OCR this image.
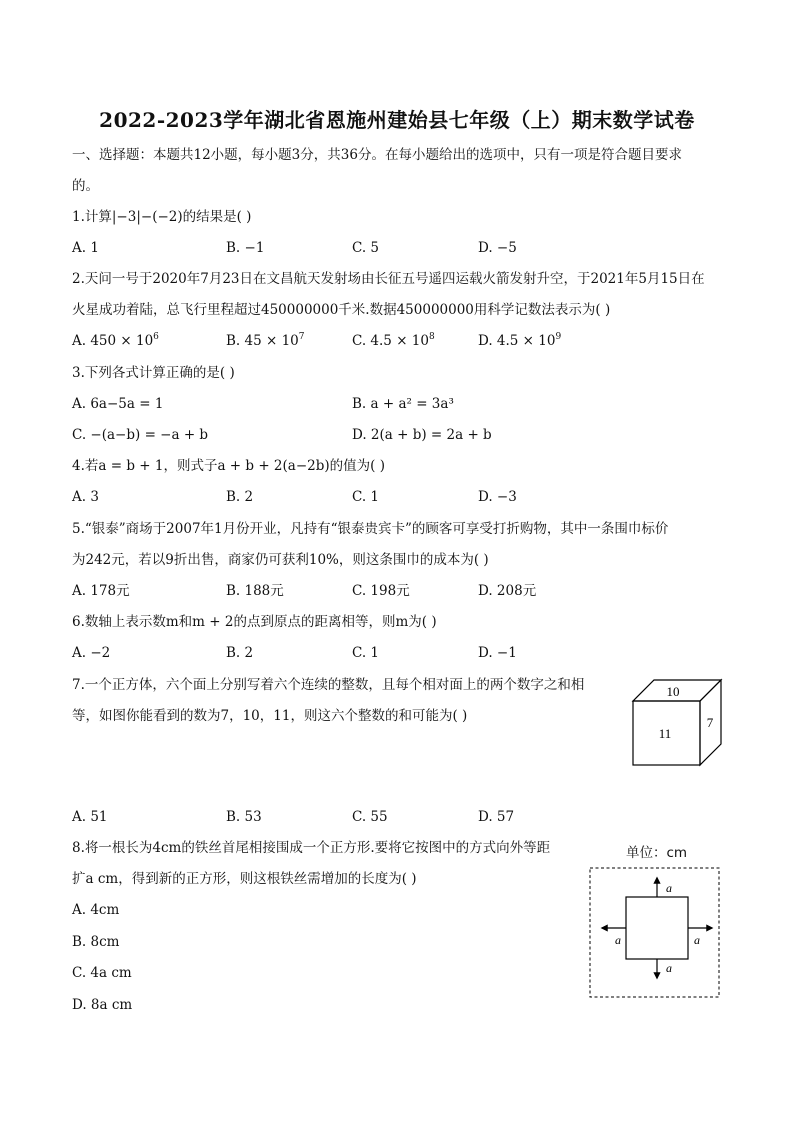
2022-2023学年湖北省恩施州建始县七年级（上）期末数学试卷
一、选择题：本题共12小题，每小题3分，共36分。在每小题给出的选项中，只有一项是符合题目要求
的。
1.计算|−3|−(−2)的结果是( )
A. 1	B. −1	C. 5	D. −5
2.天问一号于2020年7月23日在文昌航天发射场由长征五号遥四运载火箭发射升空，于2021年5月15日在
火星成功着陆，总飞行里程超过450000000千米.数据450000000用科学记数法表示为( )
A. $450 \times 10^6$	B. $45 \times 10^7$	C. $4.5 \times 10^8$	D. $4.5 \times 10^9$
3.下列各式计算正确的是( )
A. 6a−5a = 1	B. a + a² = 3a³
C. −(a−b) = −a + b	D. 2(a + b) = 2a + b
4.若a = b + 1，则式子a + b + 2(a−2b)的值为( )
A. 3	B. 2	C. 1	D. −3
5.“银泰”商场于2007年1月份开业，凡持有“银泰贵宾卡”的顾客可享受打折购物，其中一条围巾标价
为242元，若以9折出售，商家仍可获利10%，则这条围巾的成本为( )
A. 178元	B. 188元	C. 198元	D. 208元
6.数轴上表示数m和m + 2的点到原点的距离相等，则m为( )
A. −2	B. 2	C. 1	D. −1
7.一个正方体，六个面上分别写着六个连续的整数，且每个相对面上的两个数字之和相
等，如图你能看到的数为7，10，11，则这六个整数的和可能为( )
10
11
7
A. 51	B. 53	C. 55	D. 57
8.将一根长为4cm的铁丝首尾相接围成一个正方形.要将它按图中的方式向外等距
扩a cm，得到新的正方形，则这根铁丝需增加的长度为( )
A. 4cm
B. 8cm
C. 4a cm
D. 8a cm
单位：cm
a
a
a	a
